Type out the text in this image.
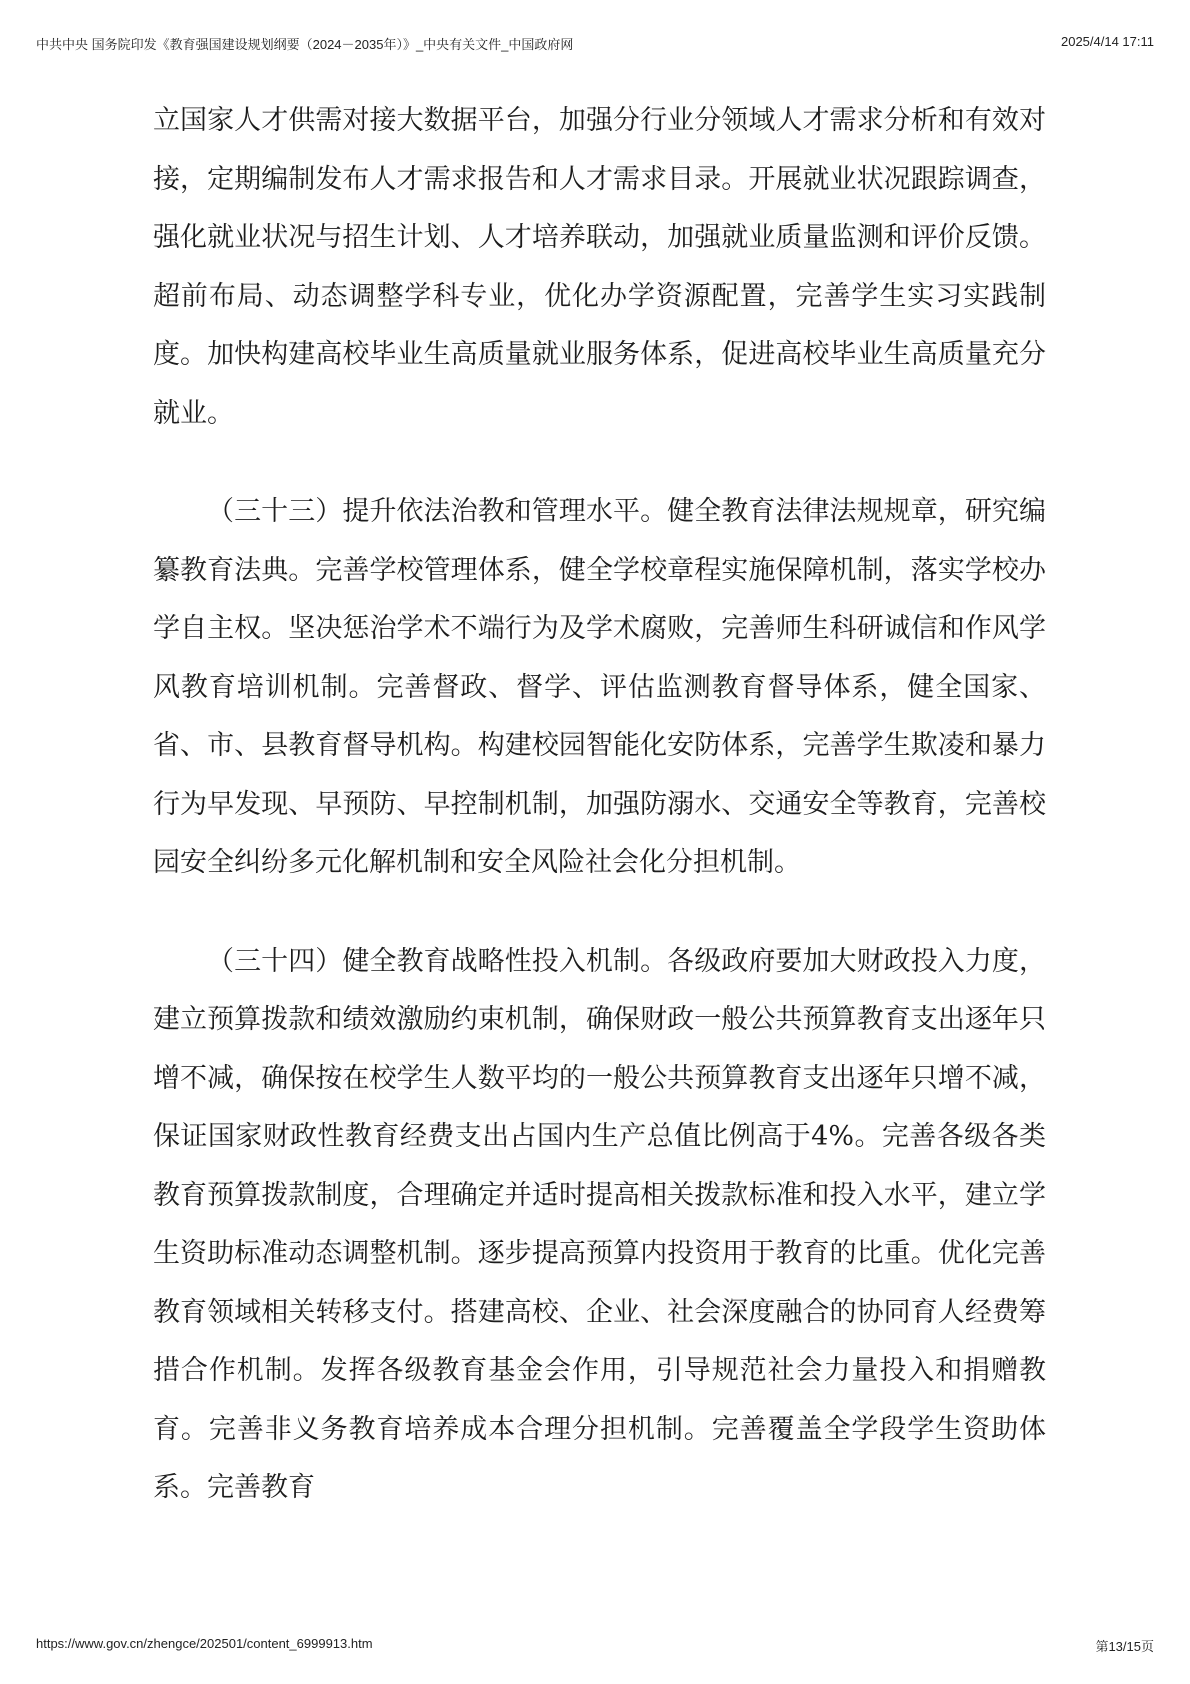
中共中央 国务院印发《教育强国建设规划纲要（2024－2035年）》_中央有关文件_中国政府网	2025/4/14 17:11

立国家人才供需对接大数据平台，加强分行业分领域人才需求分析和有效对接，定期编制发布人才需求报告和人才需求目录。开展就业状况跟踪调查，强化就业状况与招生计划、人才培养联动，加强就业质量监测和评价反馈。超前布局、动态调整学科专业，优化办学资源配置，完善学生实习实践制度。加快构建高校毕业生高质量就业服务体系，促进高校毕业生高质量充分就业。

（三十三）提升依法治教和管理水平。健全教育法律法规规章，研究编纂教育法典。完善学校管理体系，健全学校章程实施保障机制，落实学校办学自主权。坚决惩治学术不端行为及学术腐败，完善师生科研诚信和作风学风教育培训机制。完善督政、督学、评估监测教育督导体系，健全国家、省、市、县教育督导机构。构建校园智能化安防体系，完善学生欺凌和暴力行为早发现、早预防、早控制机制，加强防溺水、交通安全等教育，完善校园安全纠纷多元化解机制和安全风险社会化分担机制。

（三十四）健全教育战略性投入机制。各级政府要加大财政投入力度，建立预算拨款和绩效激励约束机制，确保财政一般公共预算教育支出逐年只增不减，确保按在校学生人数平均的一般公共预算教育支出逐年只增不减，保证国家财政性教育经费支出占国内生产总值比例高于4%。完善各级各类教育预算拨款制度，合理确定并适时提高相关拨款标准和投入水平，建立学生资助标准动态调整机制。逐步提高预算内投资用于教育的比重。优化完善教育领域相关转移支付。搭建高校、企业、社会深度融合的协同育人经费筹措合作机制。发挥各级教育基金会作用，引导规范社会力量投入和捐赠教育。完善非义务教育培养成本合理分担机制。完善覆盖全学段学生资助体系。完善教育

https://www.gov.cn/zhengce/202501/content_6999913.htm	第13/15页
